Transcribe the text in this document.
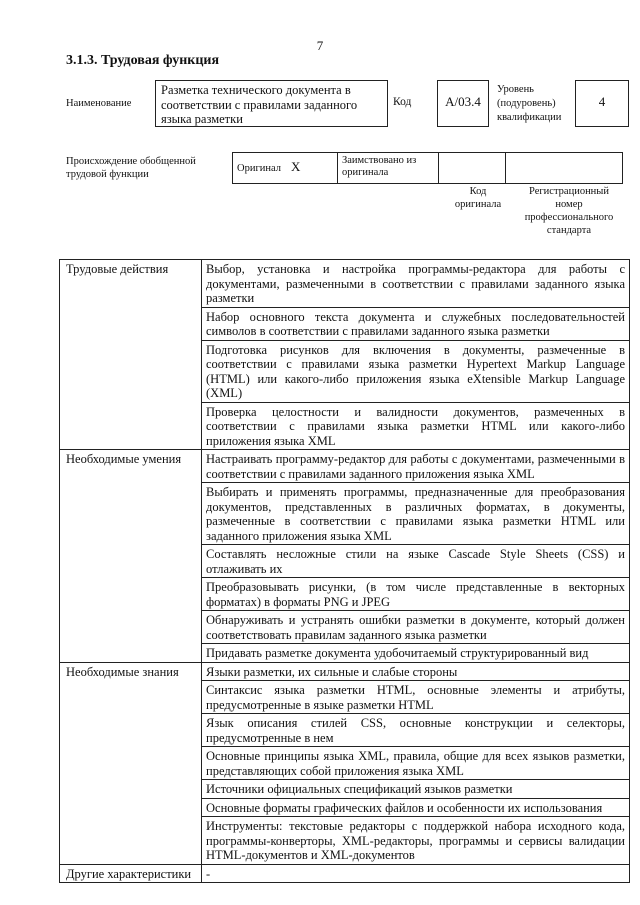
7
3.1.3. Трудовая функция
Наименование
Разметка технического документа в соответствии с правилами заданного языка разметки
Код	A/03.4
Уровень
(подуровень)
квалификации
4
Происхождение обобщенной
трудовой функции
Оригинал X	Заимствовано из
оригинала

Код
оригинала
Регистрационный
номер
профессионального
стандарта
Трудовые действия	Выбор, установка и настройка программы-редактора для работы с документами, размеченными в соответствии с правилами заданного языка разметки
	Набор основного текста документа и служебных последовательностей символов в соответствии с правилами заданного языка разметки
	Подготовка рисунков для включения в документы, размеченные в соответствии с правилами языка разметки Hypertext Markup Language (HTML) или какого-либо приложения языка eXtensible Markup Language (XML)
	Проверка целостности и валидности документов, размеченных в соответствии с правилами языка разметки HTML или какого-либо приложения языка XML
Необходимые умения	Настраивать программу-редактор для работы с документами, размеченными в соответствии с правилами заданного приложения языка XML
	Выбирать и применять программы, предназначенные для преобразования документов, представленных в различных форматах, в документы, размеченные в соответствии с правилами языка разметки HTML или заданного приложения языка XML
	Составлять несложные стили на языке Cascade Style Sheets (CSS) и отлаживать их
	Преобразовывать рисунки, (в том числе представленные в векторных форматах) в форматы PNG и JPEG
	Обнаруживать и устранять ошибки разметки в документе, который должен соответствовать правилам заданного языка разметки
	Придавать разметке документа удобочитаемый структурированный вид
Необходимые знания	Языки разметки, их сильные и слабые стороны
	Синтаксис языка разметки HTML, основные элементы и атрибуты, предусмотренные в языке разметки HTML
	Язык описания стилей CSS, основные конструкции и селекторы, предусмотренные в нем
	Основные принципы языка XML, правила, общие для всех языков разметки, представляющих собой приложения языка XML
	Источники официальных спецификаций языков разметки
	Основные форматы графических файлов и особенности их использования
	Инструменты: текстовые редакторы с поддержкой набора исходного кода, программы-конверторы, XML-редакторы, программы и сервисы валидации HTML-документов и XML-документов
Другие характеристики	-
